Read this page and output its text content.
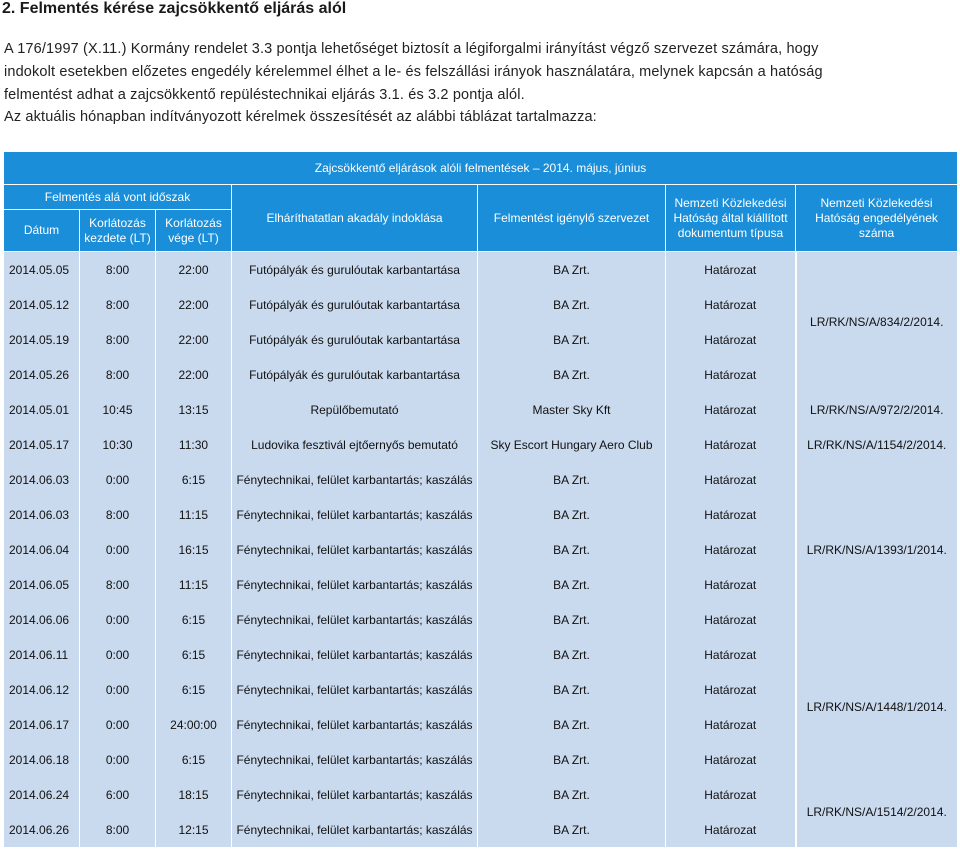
2. Felmentés kérése zajcsökkentő eljárás alól
A 176/1997 (X.11.) Kormány rendelet 3.3 pontja lehetőséget biztosít a légiforgalmi irányítást végző szervezet számára, hogy
indokolt esetekben előzetes engedély kérelemmel élhet a le- és felszállási irányok használatára, melynek kapcsán a hatóság
felmentést adhat a zajcsökkentő repüléstechnikai eljárás 3.1. és 3.2 pontja alól.
Az aktuális hónapban indítványozott kérelmek összesítését az alábbi táblázat tartalmazza:
Zajcsökkentő eljárások alóli felmentések – 2014. május, június						
Felmentés alá vont időszak			Elháríthatatlan akadály indoklása	Felmentést igénylő szervezet	Nemzeti Közlekedési Hatóság által kiállított dokumentum típusa	Nemzeti Közlekedési Hatóság engedélyének száma
Dátum	Korlátozás kezdete (LT)	Korlátozás vége (LT)				
2014.05.05	8:00	22:00	Futópályák és gurulóutak karbantartása	BA Zrt.	Határozat	LR/RK/NS/A/834/2/2014.
2014.05.12	8:00	22:00	Futópályák és gurulóutak karbantartása	BA Zrt.	Határozat	
2014.05.19	8:00	22:00	Futópályák és gurulóutak karbantartása	BA Zrt.	Határozat	
2014.05.26	8:00	22:00	Futópályák és gurulóutak karbantartása	BA Zrt.	Határozat	
2014.05.01	10:45	13:15	Repülőbemutató	Master Sky Kft	Határozat	LR/RK/NS/A/972/2/2014.
2014.05.17	10:30	11:30	Ludovika fesztivál ejtőernyős bemutató	Sky Escort Hungary Aero Club	Határozat	LR/RK/NS/A/1154/2/2014.
2014.06.03	0:00	6:15	Fénytechnikai, felület karbantartás; kaszálás	BA Zrt.	Határozat	LR/RK/NS/A/1393/1/2014.
2014.06.03	8:00	11:15	Fénytechnikai, felület karbantartás; kaszálás	BA Zrt.	Határozat	
2014.06.04	0:00	16:15	Fénytechnikai, felület karbantartás; kaszálás	BA Zrt.	Határozat	
2014.06.05	8:00	11:15	Fénytechnikai, felület karbantartás; kaszálás	BA Zrt.	Határozat	
2014.06.06	0:00	6:15	Fénytechnikai, felület karbantartás; kaszálás	BA Zrt.	Határozat	
2014.06.11	0:00	6:15	Fénytechnikai, felület karbantartás; kaszálás	BA Zrt.	Határozat	LR/RK/NS/A/1448/1/2014.
2014.06.12	0:00	6:15	Fénytechnikai, felület karbantartás; kaszálás	BA Zrt.	Határozat	
2014.06.17	0:00	24:00:00	Fénytechnikai, felület karbantartás; kaszálás	BA Zrt.	Határozat	
2014.06.18	0:00	6:15	Fénytechnikai, felület karbantartás; kaszálás	BA Zrt.	Határozat	
2014.06.24	6:00	18:15	Fénytechnikai, felület karbantartás; kaszálás	BA Zrt.	Határozat	LR/RK/NS/A/1514/2/2014.
2014.06.26	8:00	12:15	Fénytechnikai, felület karbantartás; kaszálás	BA Zrt.	Határozat	
